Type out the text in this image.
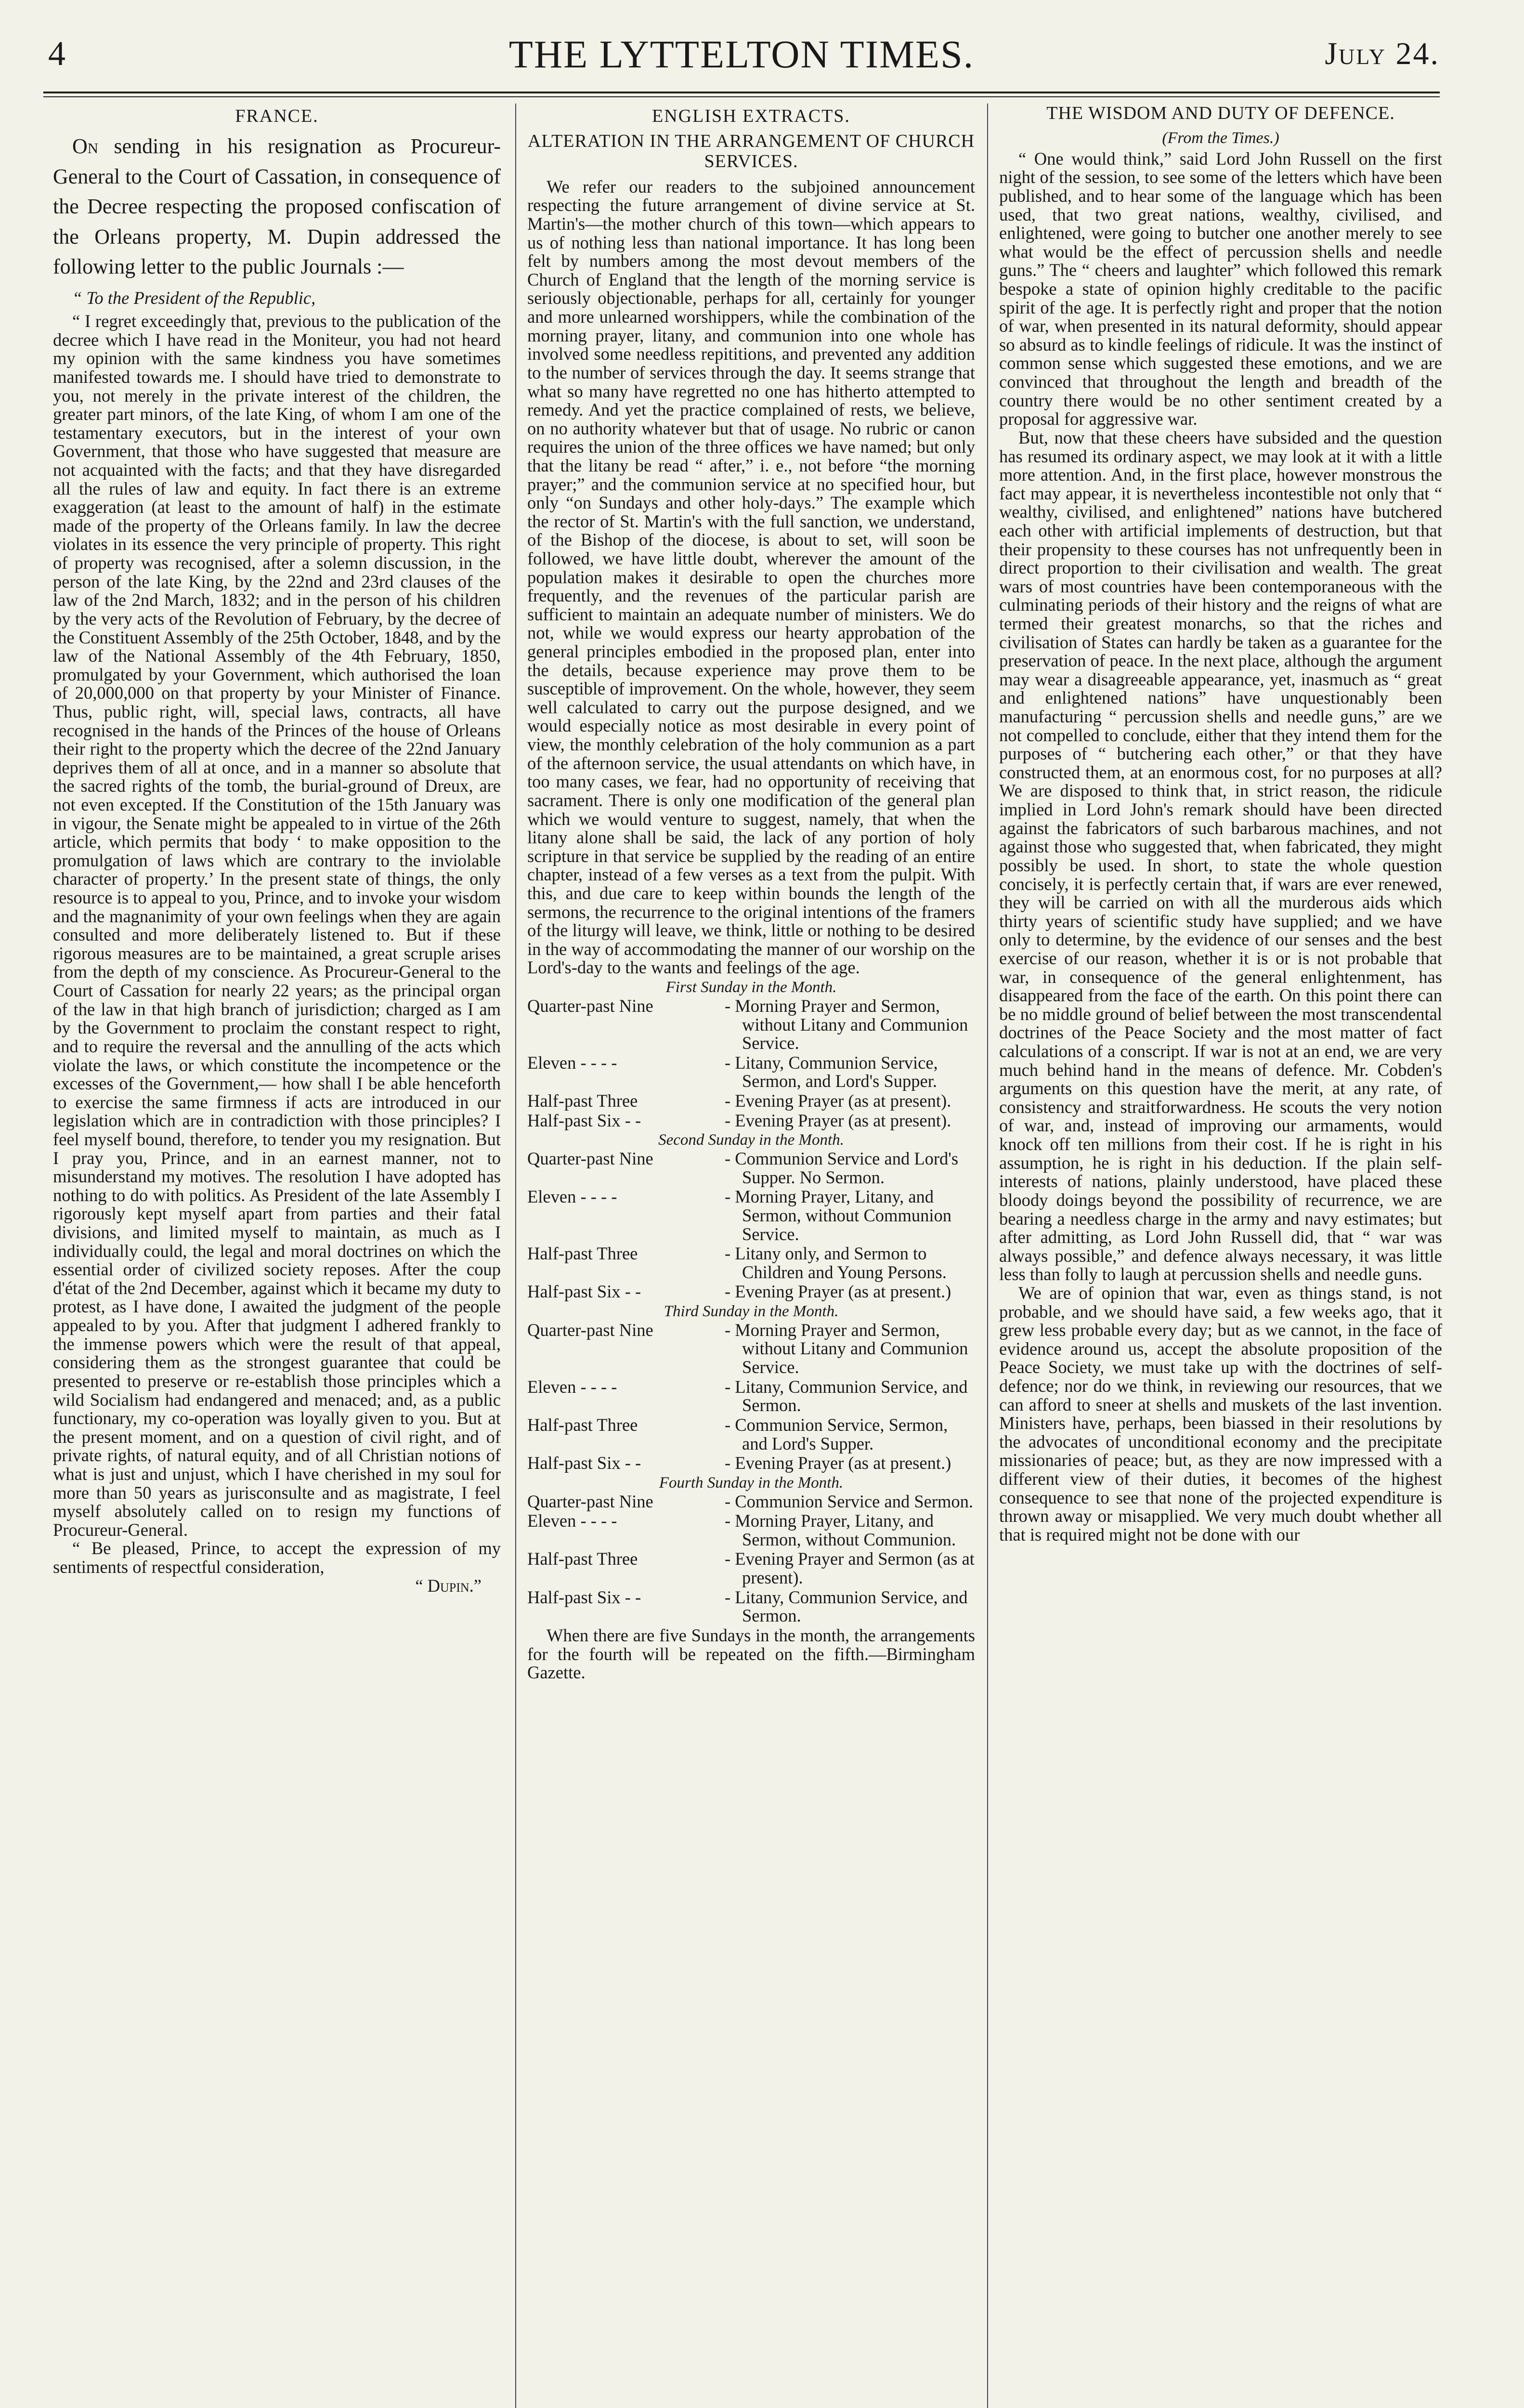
4	THE LYTTELTON TIMES.	July 24.
FRANCE.

On sending in his resignation as Procureur-General to the Court of Cassation, in consequence of the Decree respecting the proposed confiscation of the Orleans property, M. Dupin addressed the following letter to the public Journals :—

“ To the President of the Republic,

“ I regret exceedingly that, previous to the publication of the decree which I have read in the Moniteur, you had not heard my opinion with the same kindness you have sometimes manifested towards me. I should have tried to demonstrate to you, not merely in the private interest of the children, the greater part minors, of the late King, of whom I am one of the testamentary executors, but in the interest of your own Government, that those who have suggested that measure are not acquainted with the facts; and that they have disregarded all the rules of law and equity. In fact there is an extreme exaggeration (at least to the amount of half) in the estimate made of the property of the Orleans family. In law the decree violates in its essence the very principle of property. This right of property was recognised, after a solemn discussion, in the person of the late King, by the 22nd and 23rd clauses of the law of the 2nd March, 1832; and in the person of his children by the very acts of the Revolution of February, by the decree of the Constituent Assembly of the 25th October, 1848, and by the law of the National Assembly of the 4th February, 1850, promulgated by your Government, which authorised the loan of 20,000,000 on that property by your Minister of Finance. Thus, public right, will, special laws, contracts, all have recognised in the hands of the Princes of the house of Orleans their right to the property which the decree of the 22nd January deprives them of all at once, and in a manner so absolute that the sacred rights of the tomb, the burial-ground of Dreux, are not even excepted. If the Constitution of the 15th January was in vigour, the Senate might be appealed to in virtue of the 26th article, which permits that body ‘ to make opposition to the promulgation of laws which are contrary to the inviolable character of property.’ In the present state of things, the only resource is to appeal to you, Prince, and to invoke your wisdom and the magnanimity of your own feelings when they are again consulted and more deliberately listened to. But if these rigorous measures are to be maintained, a great scruple arises from the depth of my conscience. As Procureur-General to the Court of Cassation for nearly 22 years; as the principal organ of the law in that high branch of jurisdiction; charged as I am by the Government to proclaim the constant respect to right, and to require the reversal and the annulling of the acts which violate the laws, or which constitute the incompetence or the excesses of the Government,— how shall I be able henceforth to exercise the same firmness if acts are introduced in our legislation which are in contradiction with those principles? I feel myself bound, therefore, to tender you my resignation. But I pray you, Prince, and in an earnest manner, not to misunderstand my motives. The resolution I have adopted has nothing to do with politics. As President of the late Assembly I rigorously kept myself apart from parties and their fatal divisions, and limited myself to maintain, as much as I individually could, the legal and moral doctrines on which the essential order of civilized society reposes. After the coup d'état of the 2nd December, against which it became my duty to protest, as I have done, I awaited the judgment of the people appealed to by you. After that judgment I adhered frankly to the immense powers which were the result of that appeal, considering them as the strongest guarantee that could be presented to preserve or re-establish those principles which a wild Socialism had endangered and menaced; and, as a public functionary, my co-operation was loyally given to you. But at the present moment, and on a question of civil right, and of private rights, of natural equity, and of all Christian notions of what is just and unjust, which I have cherished in my soul for more than 50 years as jurisconsulte and as magistrate, I feel myself absolutely called on to resign my functions of Procureur-General.

“ Be pleased, Prince, to accept the expression of my sentiments of respectful consideration,

“ Dupin.”
ENGLISH EXTRACTS.
ALTERATION IN THE ARRANGEMENT OF CHURCH SERVICES.

We refer our readers to the subjoined announcement respecting the future arrangement of divine service at St. Martin's—the mother church of this town—which appears to us of nothing less than national importance. It has long been felt by numbers among the most devout members of the Church of England that the length of the morning service is seriously objectionable, perhaps for all, certainly for younger and more unlearned worshippers, while the combination of the morning prayer, litany, and communion into one whole has involved some needless repititions, and prevented any addition to the number of services through the day. It seems strange that what so many have regretted no one has hitherto attempted to remedy. And yet the practice complained of rests, we believe, on no authority whatever but that of usage. No rubric or canon requires the union of the three offices we have named; but only that the litany be read “ after,” i. e., not before “the morning prayer;” and the communion service at no specified hour, but only “on Sundays and other holy-days.” The example which the rector of St. Martin's with the full sanction, we understand, of the Bishop of the diocese, is about to set, will soon be followed, we have little doubt, wherever the amount of the population makes it desirable to open the churches more frequently, and the revenues of the particular parish are sufficient to maintain an adequate number of ministers. We do not, while we would express our hearty approbation of the general principles embodied in the proposed plan, enter into the details, because experience may prove them to be susceptible of improvement. On the whole, however, they seem well calculated to carry out the purpose designed, and we would especially notice as most desirable in every point of view, the monthly celebration of the holy communion as a part of the afternoon service, the usual attendants on which have, in too many cases, we fear, had no opportunity of receiving that sacrament. There is only one modification of the general plan which we would venture to suggest, namely, that when the litany alone shall be said, the lack of any portion of holy scripture in that service be supplied by the reading of an entire chapter, instead of a few verses as a text from the pulpit. With this, and due care to keep within bounds the length of the sermons, the recurrence to the original intentions of the framers of the liturgy will leave, we think, little or nothing to be desired in the way of accommodating the manner of our worship on the Lord's-day to the wants and feelings of the age.

First Sunday in the Month.
Quarter-past Nine	- Morning Prayer and Sermon, without Litany and Communion Service.
Eleven - - - -	- Litany, Communion Service, Sermon, and Lord's Supper.
Half-past Three	- Evening Prayer (as at present).
Half-past Six - -	- Evening Prayer (as at present).
Second Sunday in the Month.
Quarter-past Nine	- Communion Service and Lord's Supper. No Sermon.
Eleven - - - -	- Morning Prayer, Litany, and Sermon, without Communion Service.
Half-past Three	- Litany only, and Sermon to Children and Young Persons.
Half-past Six - -	- Evening Prayer (as at present.)
Third Sunday in the Month.
Quarter-past Nine	- Morning Prayer and Sermon, without Litany and Communion Service.
Eleven - - - -	- Litany, Communion Service, and Sermon.
Half-past Three	- Communion Service, Sermon, and Lord's Supper.
Half-past Six - -	- Evening Prayer (as at present.)
Fourth Sunday in the Month.
Quarter-past Nine	- Communion Service and Sermon.
Eleven - - - -	- Morning Prayer, Litany, and Sermon, without Communion.
Half-past Three	- Evening Prayer and Sermon (as at present).
Half-past Six - -	- Litany, Communion Service, and Sermon.

When there are five Sundays in the month, the arrangements for the fourth will be repeated on the fifth.—Birmingham Gazette.

THE WISDOM AND DUTY OF DEFENCE.
(From the Times.)

“ One would think,” said Lord John Russell on the first night of the session, to see some of the letters which have been published, and to hear some of the language which has been used, that two great nations, wealthy, civilised, and enlightened, were going to butcher one another merely to see what would be the effect of percussion shells and needle guns.” The “ cheers and laughter” which followed this remark bespoke a state of opinion highly creditable to the pacific spirit of the age. It is perfectly right and proper that the notion of war, when presented in its natural deformity, should appear so absurd as to kindle feelings of ridicule. It was the instinct of common sense which suggested these emotions, and we are convinced that throughout the length and breadth of the country there would be no other sentiment created by a proposal for aggressive war.

But, now that these cheers have subsided and the question has resumed its ordinary aspect, we may look at it with a little more attention. And, in the first place, however monstrous the fact may appear, it is nevertheless incontestible not only that “ wealthy, civilised, and enlightened” nations have butchered each other with artificial implements of destruction, but that their propensity to these courses has not unfrequently been in direct proportion to their civilisation and wealth. The great wars of most countries have been contemporaneous with the culminating periods of their history and the reigns of what are termed their greatest monarchs, so that the riches and civilisation of States can hardly be taken as a guarantee for the preservation of peace. In the next place, although the argument may wear a disagreeable appearance, yet, inasmuch as “ great and enlightened nations” have unquestionably been manufacturing “ percussion shells and needle guns,” are we not compelled to conclude, either that they intend them for the purposes of “ butchering each other,” or that they have constructed them, at an enormous cost, for no purposes at all? We are disposed to think that, in strict reason, the ridicule implied in Lord John's remark should have been directed against the fabricators of such barbarous machines, and not against those who suggested that, when fabricated, they might possibly be used. In short, to state the whole question concisely, it is perfectly certain that, if wars are ever renewed, they will be carried on with all the murderous aids which thirty years of scientific study have supplied; and we have only to determine, by the evidence of our senses and the best exercise of our reason, whether it is or is not probable that war, in consequence of the general enlightenment, has disappeared from the face of the earth. On this point there can be no middle ground of belief between the most transcendental doctrines of the Peace Society and the most matter of fact calculations of a conscript. If war is not at an end, we are very much behind hand in the means of defence. Mr. Cobden's arguments on this question have the merit, at any rate, of consistency and straitforwardness. He scouts the very notion of war, and, instead of improving our armaments, would knock off ten millions from their cost. If he is right in his assumption, he is right in his deduction. If the plain self-interests of nations, plainly understood, have placed these bloody doings beyond the possibility of recurrence, we are bearing a needless charge in the army and navy estimates; but after admitting, as Lord John Russell did, that “ war was always possible,” and defence always necessary, it was little less than folly to laugh at percussion shells and needle guns.

We are of opinion that war, even as things stand, is not probable, and we should have said, a few weeks ago, that it grew less probable every day; but as we cannot, in the face of evidence around us, accept the absolute proposition of the Peace Society, we must take up with the doctrines of self-defence; nor do we think, in reviewing our resources, that we can afford to sneer at shells and muskets of the last invention. Ministers have, perhaps, been biassed in their resolutions by the advocates of unconditional economy and the precipitate missionaries of peace; but, as they are now impressed with a different view of their duties, it becomes of the highest consequence to see that none of the projected expenditure is thrown away or misapplied. We very much doubt whether all that is required might not be done with our
